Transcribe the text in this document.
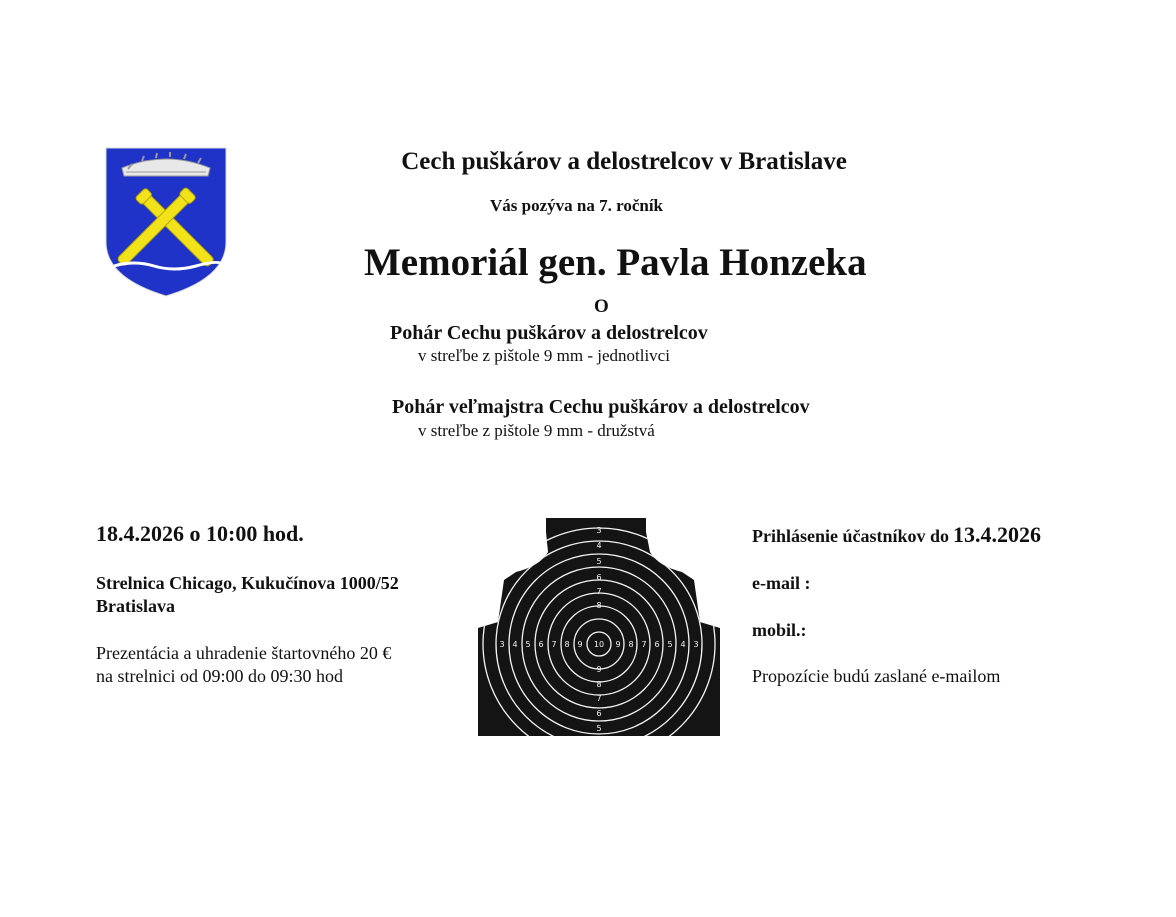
Cech puškárov a delostrelcov v Bratislave
Vás pozýva na 7. ročník
Memoriál gen. Pavla Honzeka
O
Pohár Cechu puškárov a delostrelcov
v streľbe z pištole 9 mm - jednotlivci
Pohár veľmajstra Cechu puškárov a delostrelcov
v streľbe z pištole 9 mm - družstvá
18.4.2026 o 10:00 hod.
Strelnica Chicago, Kukučínova 1000/52
Bratislava
Prezentácia a uhradenie štartovného 20 €
na strelnici od 09:00 do 09:30 hod
Prihlásenie účastníkov do 13.4.2026
e-mail :
mobil.:
Propozície budú zaslané e-mailom
10
3
4
5
6
7
8
9
8
7
6
5
9
8
7
6
5
4
3	9 8 7 6 5 4 3
